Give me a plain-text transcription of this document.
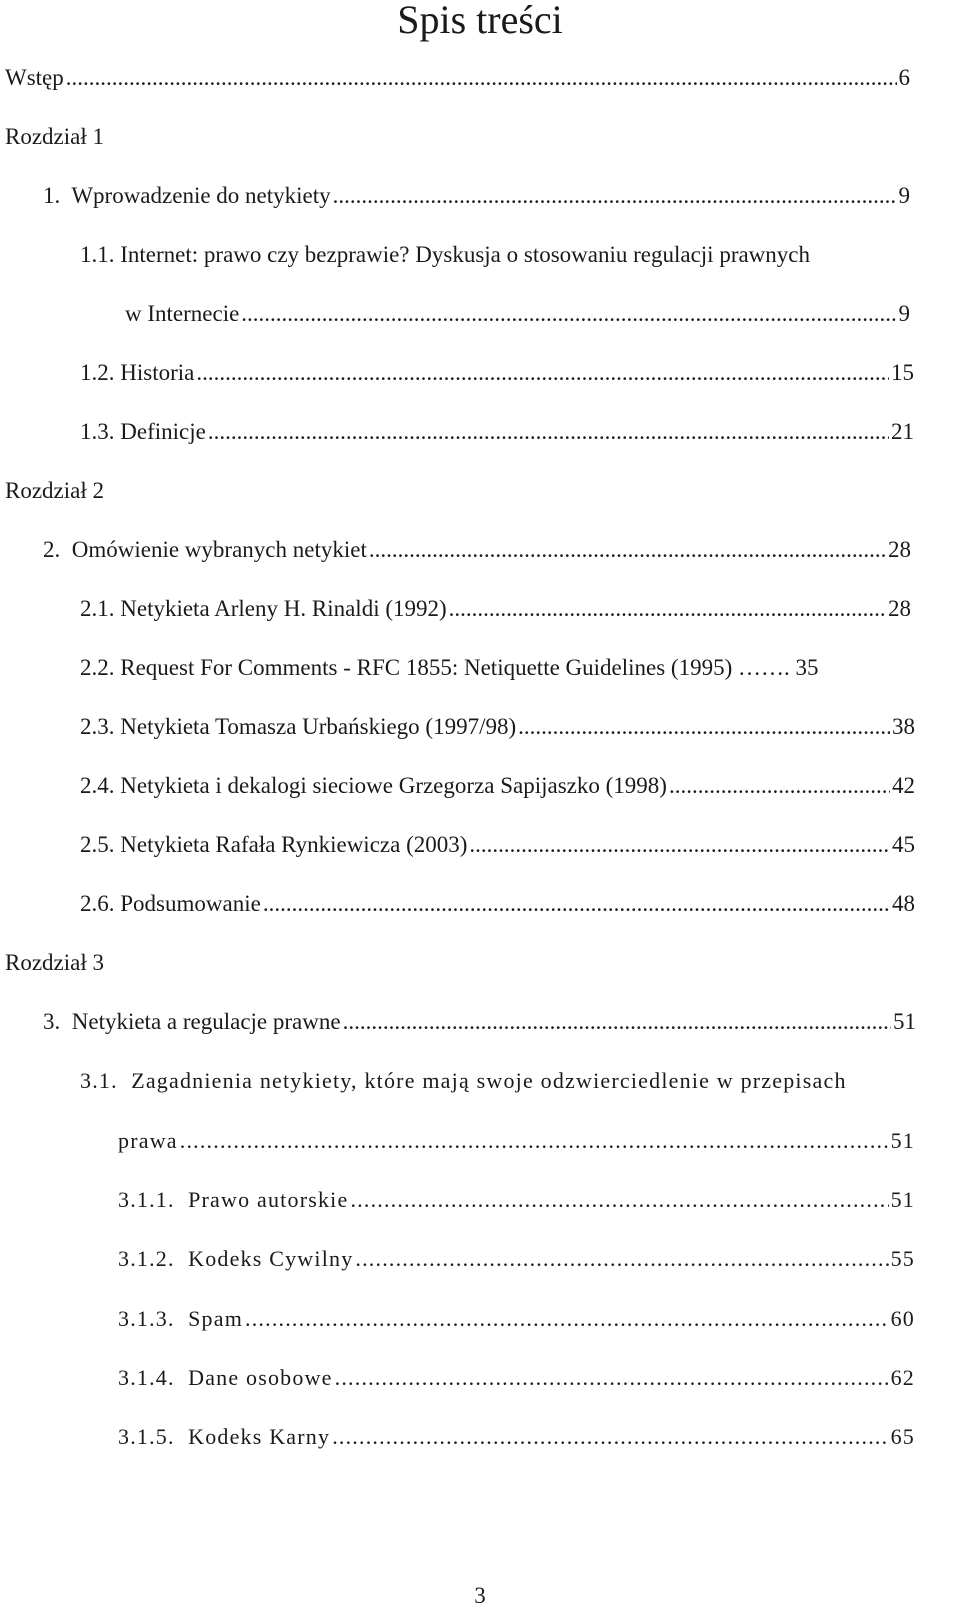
Spis treści
Wstęp .....	6
Rozdział 1
1.  Wprowadzenie do netykiety .....	9
1.1. Internet: prawo czy bezprawie? Dyskusja o stosowaniu regulacji prawnych
w Internecie .....	9
1.2. Historia .....	15
1.3. Definicje .....	21
Rozdział 2
2.  Omówienie wybranych netykiet .....	28
2.1. Netykieta Arleny H. Rinaldi (1992) .....	28
2.2. Request For Comments - RFC 1855: Netiquette Guidelines (1995) ……. 35
2.3. Netykieta Tomasza Urbańskiego (1997/98) .....	38
2.4. Netykieta i dekalogi sieciowe Grzegorza Sapijaszko (1998) .....	42
2.5. Netykieta Rafała Rynkiewicza (2003) .....	45
2.6. Podsumowanie .....	48
Rozdział 3
3.  Netykieta a regulacje prawne .....	51
3.1.  Zagadnienia netykiety, które mają swoje odzwierciedlenie w przepisach
prawa .....	51
3.1.1.  Prawo autorskie .....	51
3.1.2.  Kodeks Cywilny .....	55
3.1.3.  Spam .....	60
3.1.4.  Dane osobowe .....	62
3.1.5.  Kodeks Karny .....	65
3
